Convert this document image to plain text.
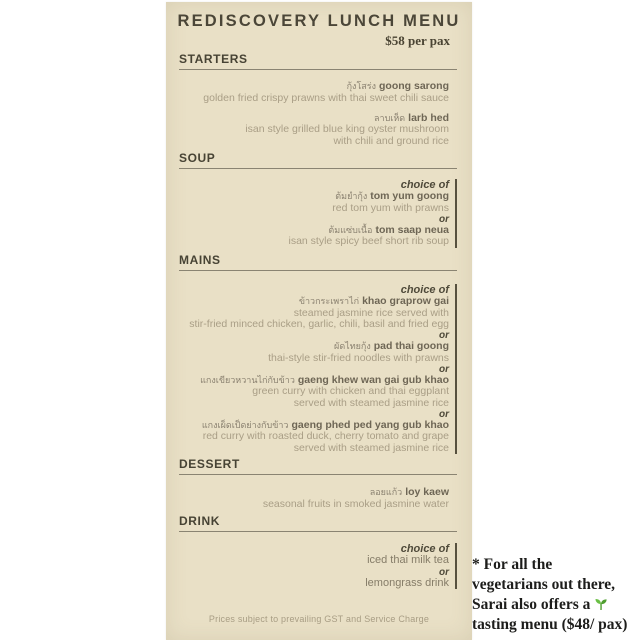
REDISCOVERY LUNCH MENU
$58 per pax
STARTERS
กุ้งโสร่ง goong sarong
golden fried crispy prawns with thai sweet chili sauce
ลาบเห็ด larb hed
isan style grilled blue king oyster mushroom
with chili and ground rice
SOUP
choice of
ต้มยำกุ้ง tom yum goong
red tom yum with prawns
or
ต้มแซ่บเนื้อ tom saap neua
isan style spicy beef short rib soup
MAINS
choice of
ข้าวกระเพราไก่ khao graprow gai
steamed jasmine rice served with
stir-fried minced chicken, garlic, chili, basil and fried egg
or
ผัดไทยกุ้ง pad thai goong
thai-style stir-fried noodles with prawns
or
แกงเขียวหวานไก่กับข้าว gaeng khew wan gai gub khao
green curry with chicken and thai eggplant
served with steamed jasmine rice
or
แกงเผ็ดเป็ดย่างกับข้าว gaeng phed ped yang gub khao
red curry with roasted duck, cherry tomato and grape
served with steamed jasmine rice
DESSERT
ลอยแก้ว loy kaew
seasonal fruits in smoked jasmine water
DRINK
choice of
iced thai milk tea
or
lemongrass drink
Prices subject to prevailing GST and Service Charge
* For all the
vegetarians out there,
Sarai also offers a
tasting menu ($48/ pax)
